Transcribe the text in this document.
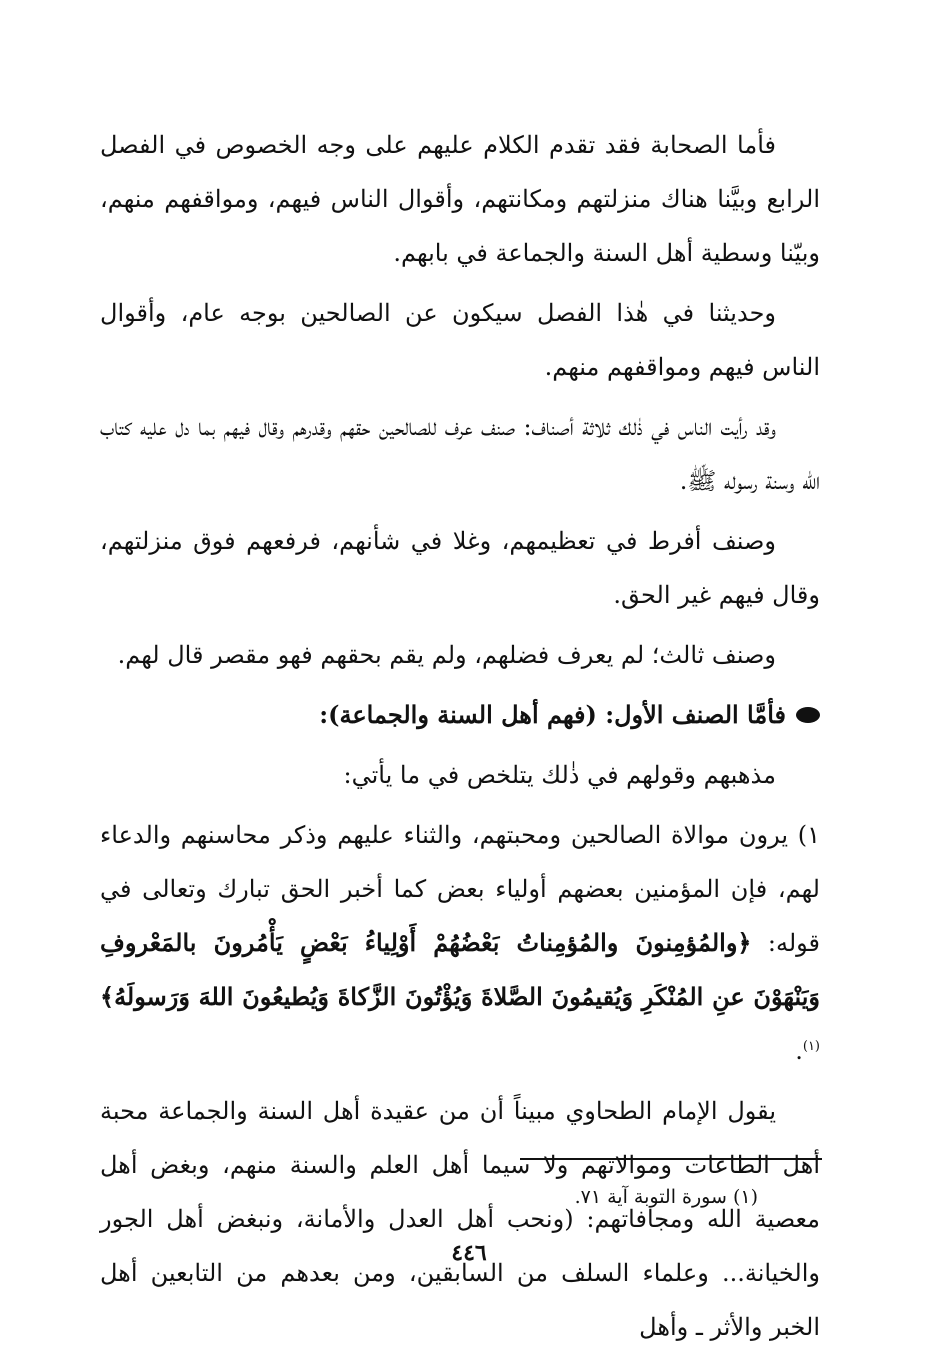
فأما الصحابة فقد تقدم الكلام عليهم على وجه الخصوص في الفصل الرابع وبيَّنا هناك منزلتهم ومكانتهم، وأقوال الناس فيهم، ومواقفهم منهم، وبيّنا وسطية أهل السنة والجماعة في بابهم.

وحديثنا في هٰذا الفصل سيكون عن الصالحين بوجه عام، وأقوال الناس فيهم ومواقفهم منهم.

وقد رأيت الناس في ذٰلك ثلاثة أصناف: صنف عرف للصالحين حقهم وقدرهم وقال فيهم بما دل عليه كتاب الله وسنة رسوله ﷺ.

وصنف أفرط في تعظيمهم، وغلا في شأنهم، فرفعهم فوق منزلتهم، وقال فيهم غير الحق.

وصنف ثالث؛ لم يعرف فضلهم، ولم يقم بحقهم فهو مقصر قال لهم.

فأمَّا الصنف الأول: (فهم أهل السنة والجماعة):

مذهبهم وقولهم في ذٰلك يتلخص في ما يأتي:

١) يرون موالاة الصالحين ومحبتهم، والثناء عليهم وذكر محاسنهم والدعاء لهم، فإن المؤمنين بعضهم أولياء بعض كما أخبر الحق تبارك وتعالى في قوله: ﴿والمُؤمِنونَ والمُؤمِناتُ بَعْضُهُمْ أَوْلِياءُ بَعْضٍ يَأْمُرونَ بالمَعْروفِ وَيَنْهَوْنَ عنِ المُنْكَرِ وَيُقيمُونَ الصَّلاةَ وَيُؤْتُونَ الزَّكاةَ وَيُطيعُونَ اللهَ وَرَسولَهُ﴾$^{(١)}$.

يقول الإمام الطحاوي مبيناً أن من عقيدة أهل السنة والجماعة محبة أهل الطاعات وموالاتهم ولا سيما أهل العلم والسنة منهم، وبغض أهل معصية الله ومجافاتهم: (ونحب أهل العدل والأمانة، ونبغض أهل الجور والخيانة... وعلماء السلف من السابقين، ومن بعدهم من التابعين أهل الخبر والأثر ـ وأهل

(١) سورة التوبة آية ٧١.
٤٤٦
